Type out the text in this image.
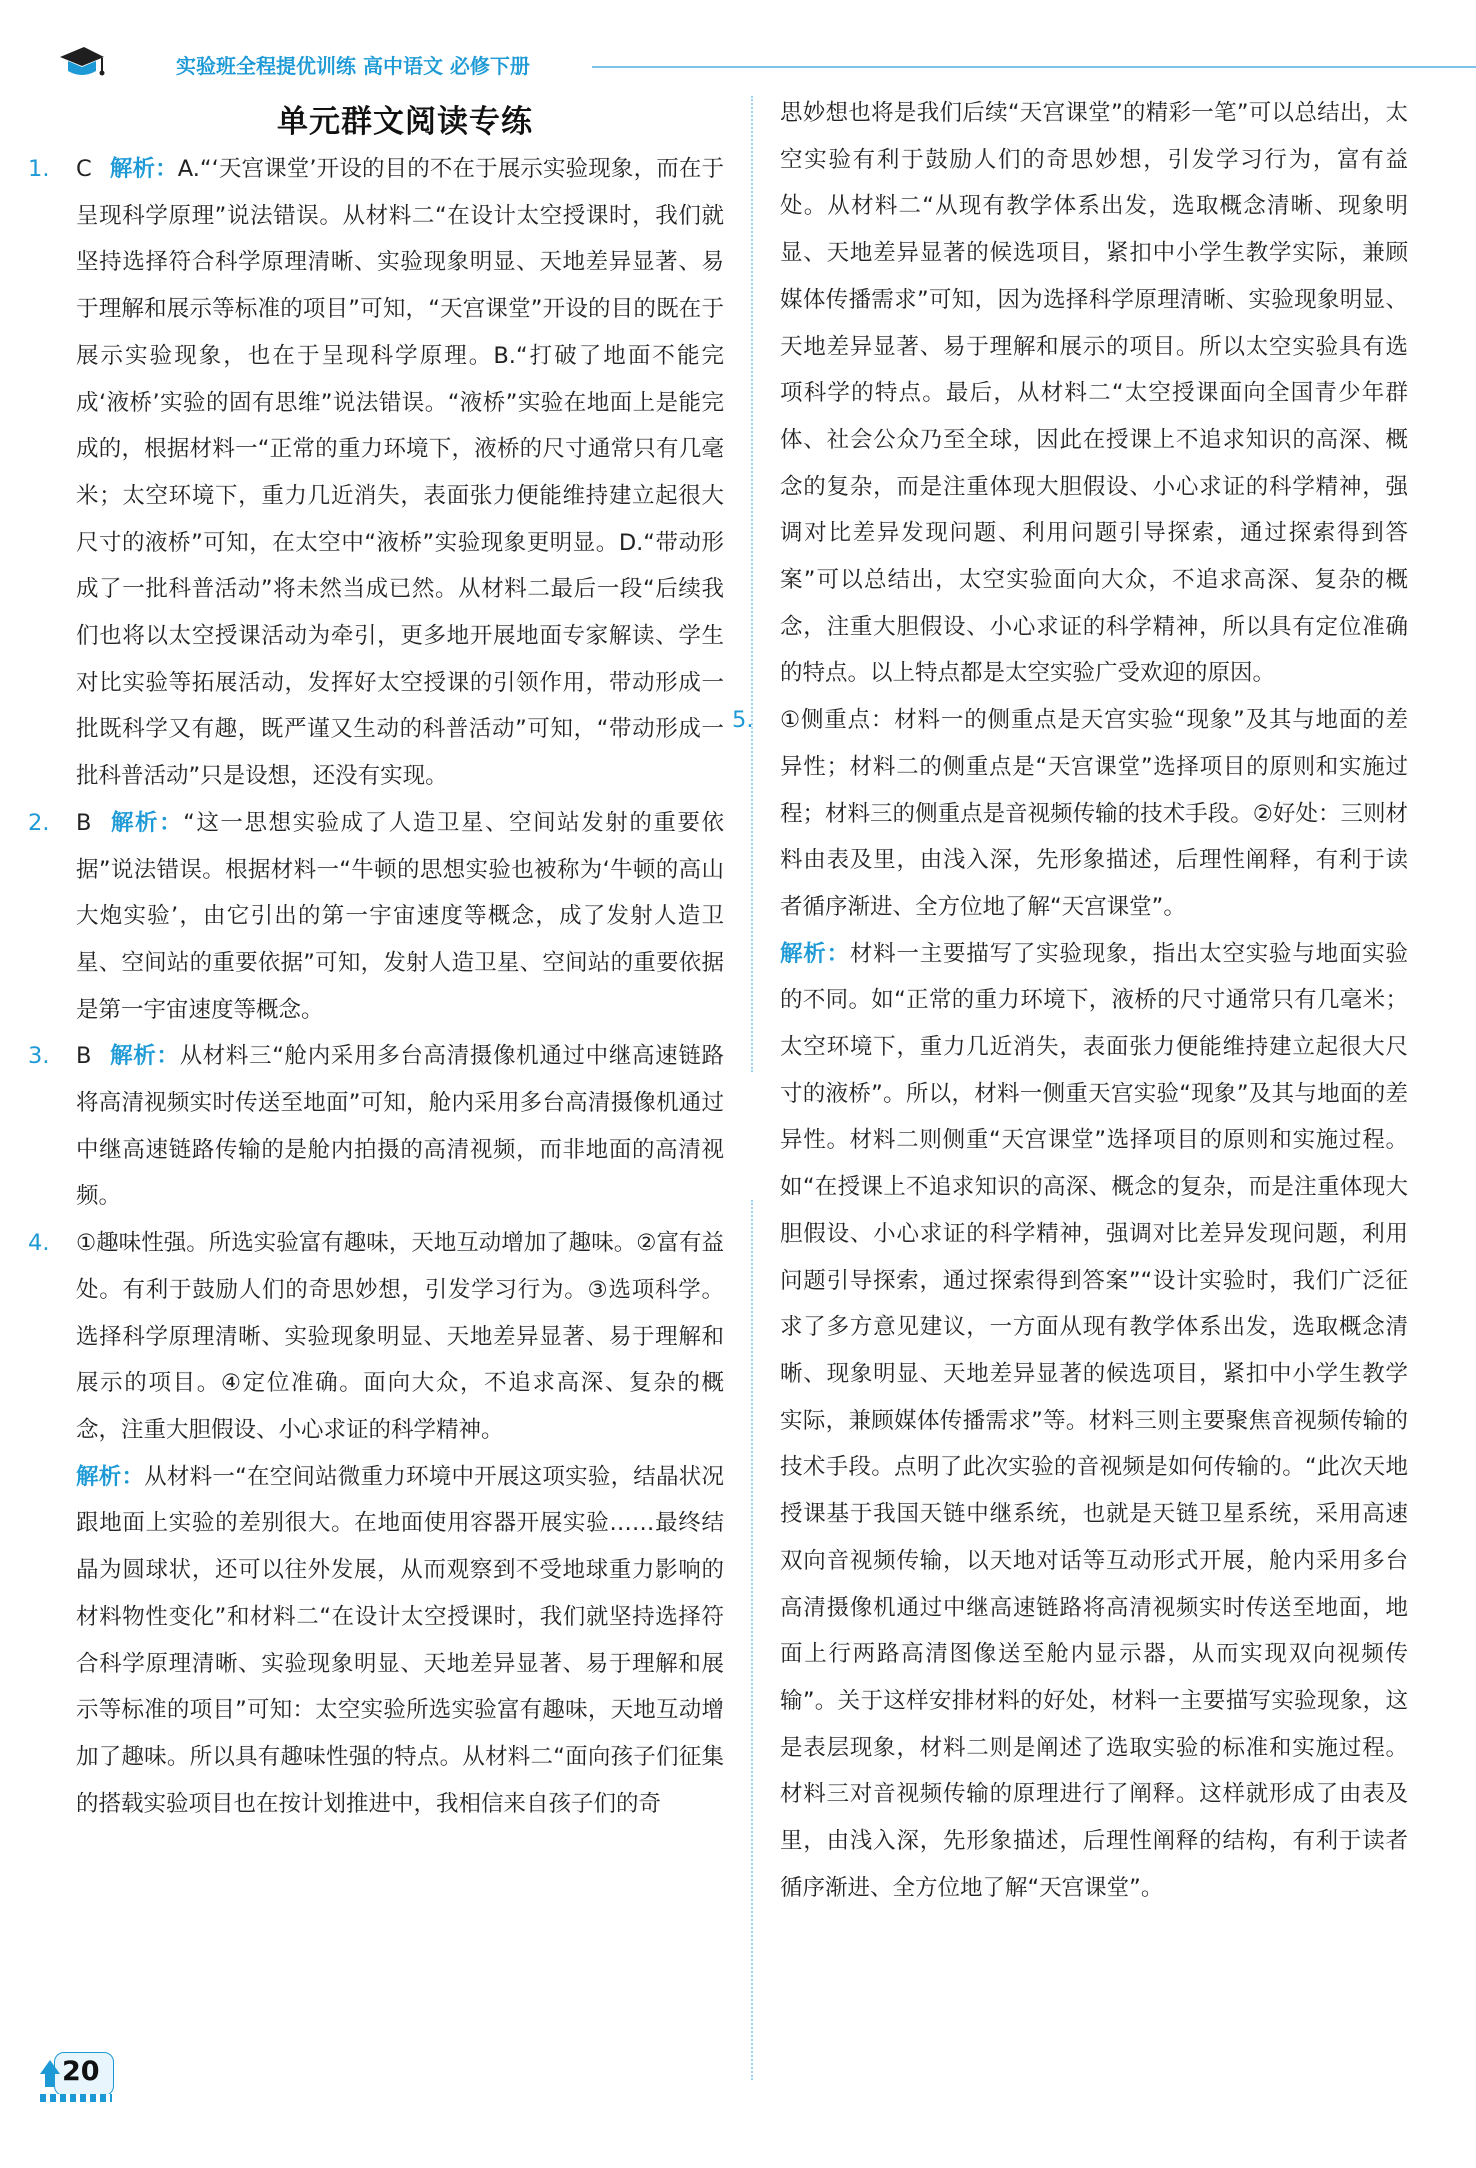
实验班全程提优训练 高中语文 必修下册
单元群文阅读专练

1.	C 解析：A.“‘天宫课堂’开设的目的不在于展示实验现象，而在于呈现科学原理”说法错误。从材料二“在设计太空授课时，我们就坚持选择符合科学原理清晰、实验现象明显、天地差异显著、易于理解和展示等标准的项目”可知，“天宫课堂”开设的目的既在于展示实验现象，也在于呈现科学原理。B.“打破了地面不能完成‘液桥’实验的固有思维”说法错误。“液桥”实验在地面上是能完成的，根据材料一“正常的重力环境下，液桥的尺寸通常只有几毫米；太空环境下，重力几近消失，表面张力便能维持建立起很大尺寸的液桥”可知，在太空中“液桥”实验现象更明显。D.“带动形成了一批科普活动”将未然当成已然。从材料二最后一段“后续我们也将以太空授课活动为牵引，更多地开展地面专家解读、学生对比实验等拓展活动，发挥好太空授课的引领作用，带动形成一批既科学又有趣，既严谨又生动的科普活动”可知，“带动形成一批科普活动”只是设想，还没有实现。

2.	B 解析：“这一思想实验成了人造卫星、空间站发射的重要依据”说法错误。根据材料一“牛顿的思想实验也被称为‘牛顿的高山大炮实验’，由它引出的第一宇宙速度等概念，成了发射人造卫星、空间站的重要依据”可知，发射人造卫星、空间站的重要依据是第一宇宙速度等概念。

3.	B 解析：从材料三“舱内采用多台高清摄像机通过中继高速链路将高清视频实时传送至地面”可知，舱内采用多台高清摄像机通过中继高速链路传输的是舱内拍摄的高清视频，而非地面的高清视频。

4.	①趣味性强。所选实验富有趣味，天地互动增加了趣味。②富有益处。有利于鼓励人们的奇思妙想，引发学习行为。③选项科学。选择科学原理清晰、实验现象明显、天地差异显著、易于理解和展示的项目。④定位准确。面向大众，不追求高深、复杂的概念，注重大胆假设、小心求证的科学精神。

解析：从材料一“在空间站微重力环境中开展这项实验，结晶状况跟地面上实验的差别很大。在地面使用容器开展实验……最终结晶为圆球状，还可以往外发展，从而观察到不受地球重力影响的材料物性变化”和材料二“在设计太空授课时，我们就坚持选择符合科学原理清晰、实验现象明显、天地差异显著、易于理解和展示等标准的项目”可知：太空实验所选实验富有趣味，天地互动增加了趣味。所以具有趣味性强的特点。从材料二“面向孩子们征集的搭载实验项目也在按计划推进中，我相信来自孩子们的奇

思妙想也将是我们后续“天宫课堂”的精彩一笔”可以总结出，太空实验有利于鼓励人们的奇思妙想，引发学习行为，富有益处。从材料二“从现有教学体系出发，选取概念清晰、现象明显、天地差异显著的候选项目，紧扣中小学生教学实际，兼顾媒体传播需求”可知，因为选择科学原理清晰、实验现象明显、天地差异显著、易于理解和展示的项目。所以太空实验具有选项科学的特点。最后，从材料二“太空授课面向全国青少年群体、社会公众乃至全球，因此在授课上不追求知识的高深、概念的复杂，而是注重体现大胆假设、小心求证的科学精神，强调对比差异发现问题、利用问题引导探索，通过探索得到答案”可以总结出，太空实验面向大众，不追求高深、复杂的概念，注重大胆假设、小心求证的科学精神，所以具有定位准确的特点。以上特点都是太空实验广受欢迎的原因。

5.	①侧重点：材料一的侧重点是天宫实验“现象”及其与地面的差异性；材料二的侧重点是“天宫课堂”选择项目的原则和实施过程；材料三的侧重点是音视频传输的技术手段。②好处：三则材料由表及里，由浅入深，先形象描述，后理性阐释，有利于读者循序渐进、全方位地了解“天宫课堂”。

解析：材料一主要描写了实验现象，指出太空实验与地面实验的不同。如“正常的重力环境下，液桥的尺寸通常只有几毫米；太空环境下，重力几近消失，表面张力便能维持建立起很大尺寸的液桥”。所以，材料一侧重天宫实验“现象”及其与地面的差异性。材料二则侧重“天宫课堂”选择项目的原则和实施过程。如“在授课上不追求知识的高深、概念的复杂，而是注重体现大胆假设、小心求证的科学精神，强调对比差异发现问题，利用问题引导探索，通过探索得到答案”“设计实验时，我们广泛征求了多方意见建议，一方面从现有教学体系出发，选取概念清晰、现象明显、天地差异显著的候选项目，紧扣中小学生教学实际，兼顾媒体传播需求”等。材料三则主要聚焦音视频传输的技术手段。点明了此次实验的音视频是如何传输的。“此次天地授课基于我国天链中继系统，也就是天链卫星系统，采用高速双向音视频传输，以天地对话等互动形式开展，舱内采用多台高清摄像机通过中继高速链路将高清视频实时传送至地面，地面上行两路高清图像送至舱内显示器，从而实现双向视频传输”。关于这样安排材料的好处，材料一主要描写实验现象，这是表层现象，材料二则是阐述了选取实验的标准和实施过程。材料三对音视频传输的原理进行了阐释。这样就形成了由表及里，由浅入深，先形象描述，后理性阐释的结构，有利于读者循序渐进、全方位地了解“天宫课堂”。

20
